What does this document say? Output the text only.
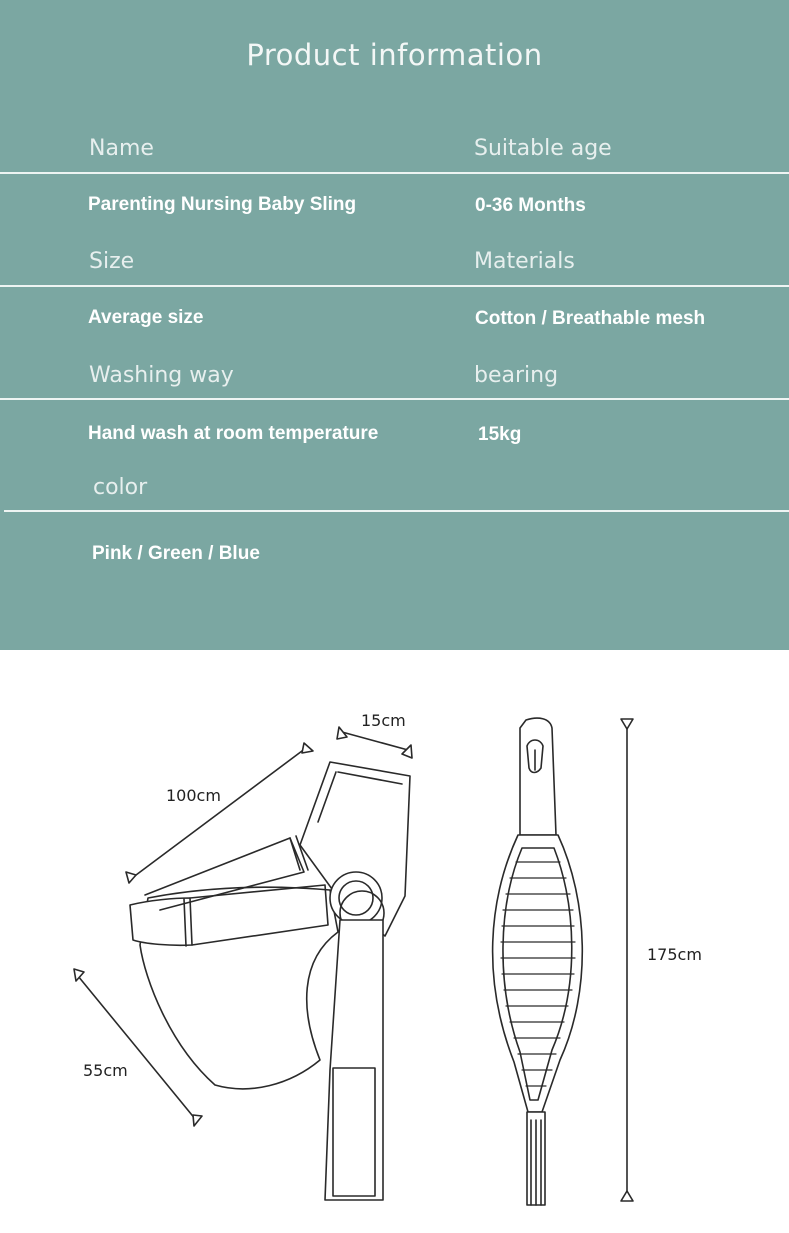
Product information
Name	Suitable age
Parenting Nursing Baby Sling	0-36 Months
Size	Materials
Average size	Cotton / Breathable mesh
Washing way	bearing
Hand wash at room temperature	15kg
color
Pink / Green / Blue
15cm
100cm
55cm
175cm
